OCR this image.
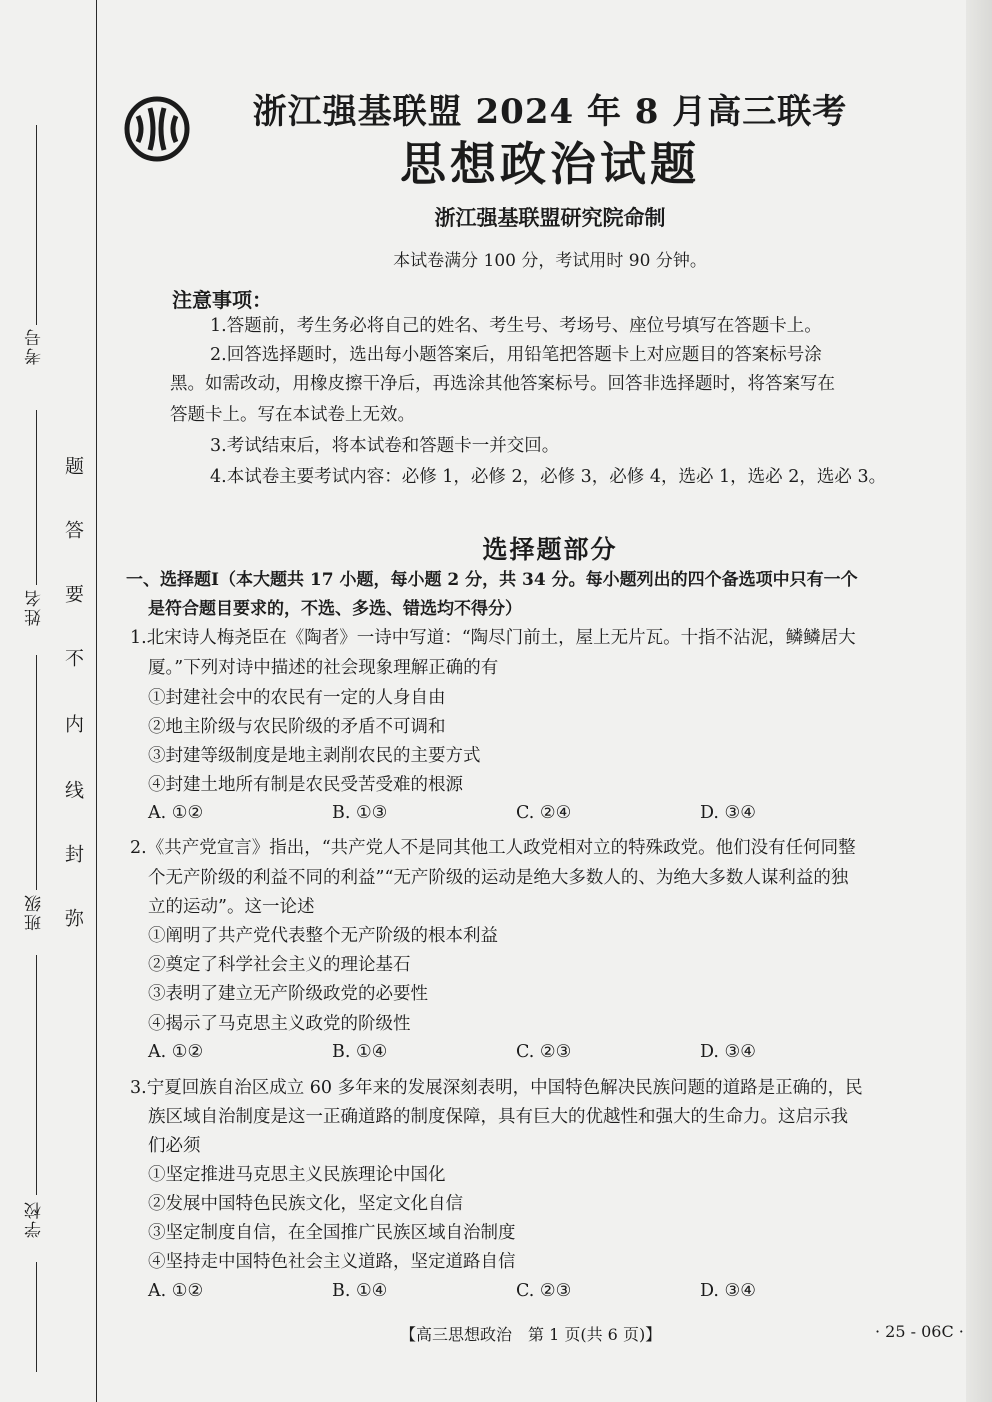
考号
姓名
班级
学校
题
答
要
不
内
线
封
弥
浙江强基联盟 2024 年 8 月高三联考
思想政治试题
浙江强基联盟研究院命制
本试卷满分 100 分，考试用时 90 分钟。
注意事项：
1.答题前，考生务必将自己的姓名、考生号、考场号、座位号填写在答题卡上。
2.回答选择题时，选出每小题答案后，用铅笔把答题卡上对应题目的答案标号涂
黑。如需改动，用橡皮擦干净后，再选涂其他答案标号。回答非选择题时，将答案写在
答题卡上。写在本试卷上无效。
3.考试结束后，将本试卷和答题卡一并交回。
4.本试卷主要考试内容：必修 1，必修 2，必修 3，必修 4，选必 1，选必 2，选必 3。
选择题部分
一、选择题Ⅰ（本大题共 17 小题，每小题 2 分，共 34 分。每小题列出的四个备选项中只有一个
是符合题目要求的，不选、多选、错选均不得分）
1.北宋诗人梅尧臣在《陶者》一诗中写道：“陶尽门前土，屋上无片瓦。十指不沾泥，鳞鳞居大
厦。”下列对诗中描述的社会现象理解正确的有
①封建社会中的农民有一定的人身自由
②地主阶级与农民阶级的矛盾不可调和
③封建等级制度是地主剥削农民的主要方式
④封建土地所有制是农民受苦受难的根源
A. ①②	B. ①③	C. ②④	D. ③④
2.《共产党宣言》指出，“共产党人不是同其他工人政党相对立的特殊政党。他们没有任何同整
个无产阶级的利益不同的利益”“无产阶级的运动是绝大多数人的、为绝大多数人谋利益的独
立的运动”。这一论述
①阐明了共产党代表整个无产阶级的根本利益
②奠定了科学社会主义的理论基石
③表明了建立无产阶级政党的必要性
④揭示了马克思主义政党的阶级性
A. ①②	B. ①④	C. ②③	D. ③④
3.宁夏回族自治区成立 60 多年来的发展深刻表明，中国特色解决民族问题的道路是正确的，民
族区域自治制度是这一正确道路的制度保障，具有巨大的优越性和强大的生命力。这启示我
们必须
①坚定推进马克思主义民族理论中国化
②发展中国特色民族文化，坚定文化自信
③坚定制度自信，在全国推广民族区域自治制度
④坚持走中国特色社会主义道路，坚定道路自信
A. ①②	B. ①④	C. ②③	D. ③④
【高三思想政治　第 1 页(共 6 页)】	· 25 - 06C ·
